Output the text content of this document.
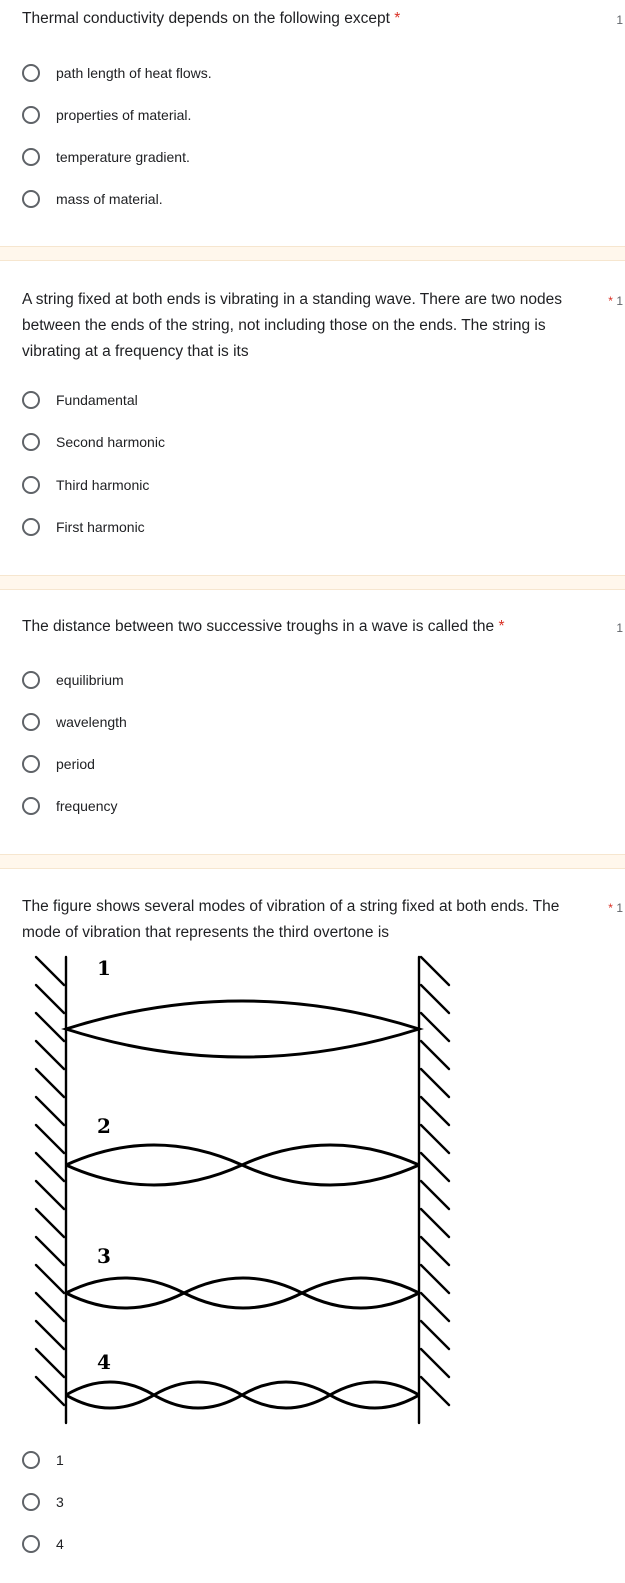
Thermal conductivity depends on the following except *	1
path length of heat flows.
properties of material.
temperature gradient.
mass of material.
A string fixed at both ends is vibrating in a standing wave. There are two nodes between the ends of the string, not including those on the ends. The string is vibrating at a frequency that is its
* 1
Fundamental
Second harmonic
Third harmonic
First harmonic
The distance between two successive troughs in a wave is called the *	1
equilibrium
wavelength
period
frequency
The figure shows several modes of vibration of a string fixed at both ends. The mode of vibration that represents the third overtone is
* 1
1
2
3
4
1
3
4
